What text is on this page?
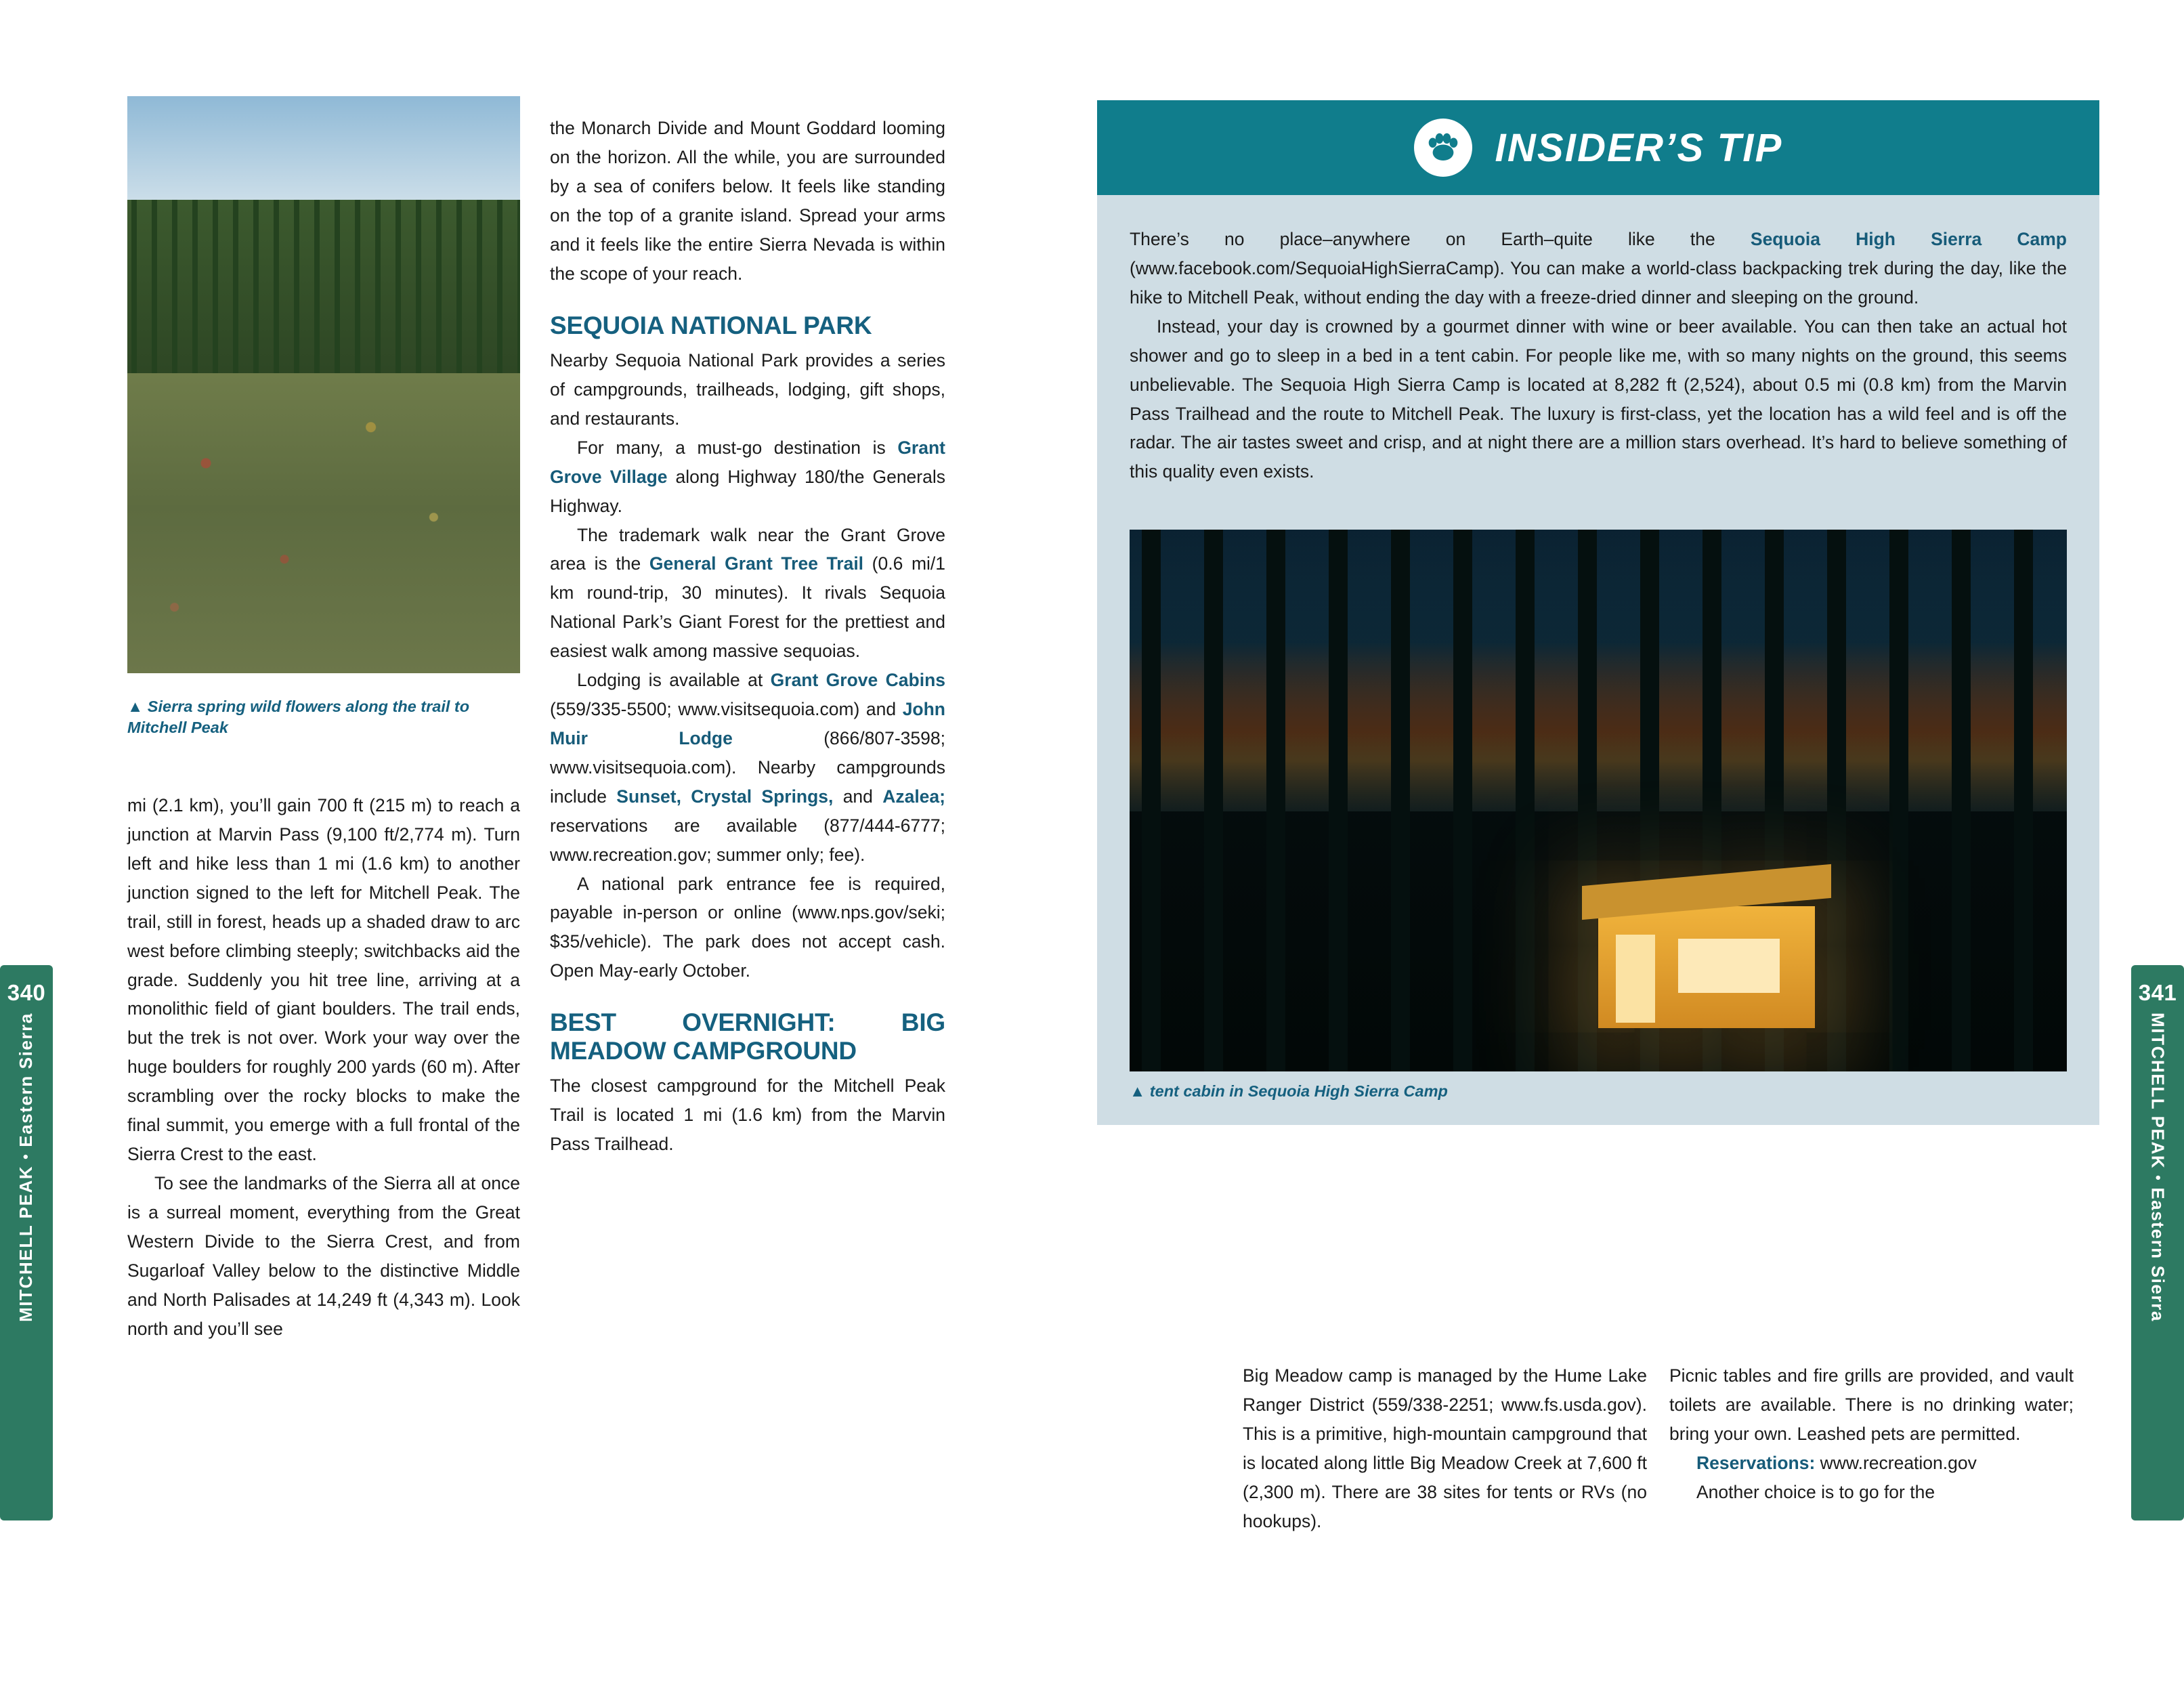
340
MITCHELL PEAK • Eastern Sierra
▲ Sierra spring wild flowers along the trail to Mitchell Peak

mi (2.1 km), you’ll gain 700 ft (215 m) to reach a junction at Marvin Pass (9,100 ft/2,774 m). Turn left and hike less than 1 mi (1.6 km) to another junction signed to the left for Mitchell Peak. The trail, still in forest, heads up a shaded draw to arc west before climbing steeply; switchbacks aid the grade. Suddenly you hit tree line, arriving at a monolithic field of giant boulders. The trail ends, but the trek is not over. Work your way over the huge boulders for roughly 200 yards (60 m). After scrambling over the rocky blocks to make the final summit, you emerge with a full frontal of the Sierra Crest to the east.

To see the landmarks of the Sierra all at once is a surreal moment, everything from the Great Western Divide to the Sierra Crest, and from Sugarloaf Valley below to the distinctive Middle and North Palisades at 14,249 ft (4,343 m). Look north and you’ll see

the Monarch Divide and Mount Goddard looming on the horizon. All the while, you are surrounded by a sea of conifers below. It feels like standing on the top of a granite island. Spread your arms and it feels like the entire Sierra Nevada is within the scope of your reach.

SEQUOIA NATIONAL PARK

Nearby Sequoia National Park provides a series of campgrounds, trailheads, lodging, gift shops, and restaurants.

For many, a must-go destination is Grant Grove Village along Highway 180/the Generals Highway.

The trademark walk near the Grant Grove area is the General Grant Tree Trail (0.6 mi/1 km round-trip, 30 minutes). It rivals Sequoia National Park’s Giant Forest for the prettiest and easiest walk among massive sequoias.

Lodging is available at Grant Grove Cabins (559/335-5500; www.visitsequoia.com) and John Muir Lodge (866/807-3598; www.visitsequoia.com). Nearby campgrounds include Sunset, Crystal Springs, and Azalea; reservations are available (877/444-6777; www.recreation.gov; summer only; fee).

A national park entrance fee is required, payable in-person or online (www.nps.gov/seki; $35/vehicle). The park does not accept cash. Open May-early October.

BEST OVERNIGHT: BIG MEADOW CAMPGROUND

The closest campground for the Mitchell Peak Trail is located 1 mi (1.6 km) from the Marvin Pass Trailhead.

341
MITCHELL PEAK • Eastern Sierra
INSIDER’S TIP

There’s no place–anywhere on Earth–quite like the Sequoia High Sierra Camp (www.facebook.com/SequoiaHighSierraCamp). You can make a world-class backpacking trek during the day, like the hike to Mitchell Peak, without ending the day with a freeze-dried dinner and sleeping on the ground.

Instead, your day is crowned by a gourmet dinner with wine or beer available. You can then take an actual hot shower and go to sleep in a bed in a tent cabin. For people like me, with so many nights on the ground, this seems unbelievable. The Sequoia High Sierra Camp is located at 8,282 ft (2,524), about 0.5 mi (0.8 km) from the Marvin Pass Trailhead and the route to Mitchell Peak. The luxury is first-class, yet the location has a wild feel and is off the radar. The air tastes sweet and crisp, and at night there are a million stars overhead. It’s hard to believe something of this quality even exists.

▲ tent cabin in Sequoia High Sierra Camp

Big Meadow camp is managed by the Hume Lake Ranger District (559/338-2251; www.fs.usda.gov). This is a primitive, high-mountain campground that is located along little Big Meadow Creek at 7,600 ft (2,300 m). There are 38 sites for tents or RVs (no hookups).

Picnic tables and fire grills are provided, and vault toilets are available. There is no drinking water; bring your own. Leashed pets are permitted.

Reservations: www.recreation.gov

Another choice is to go for the
